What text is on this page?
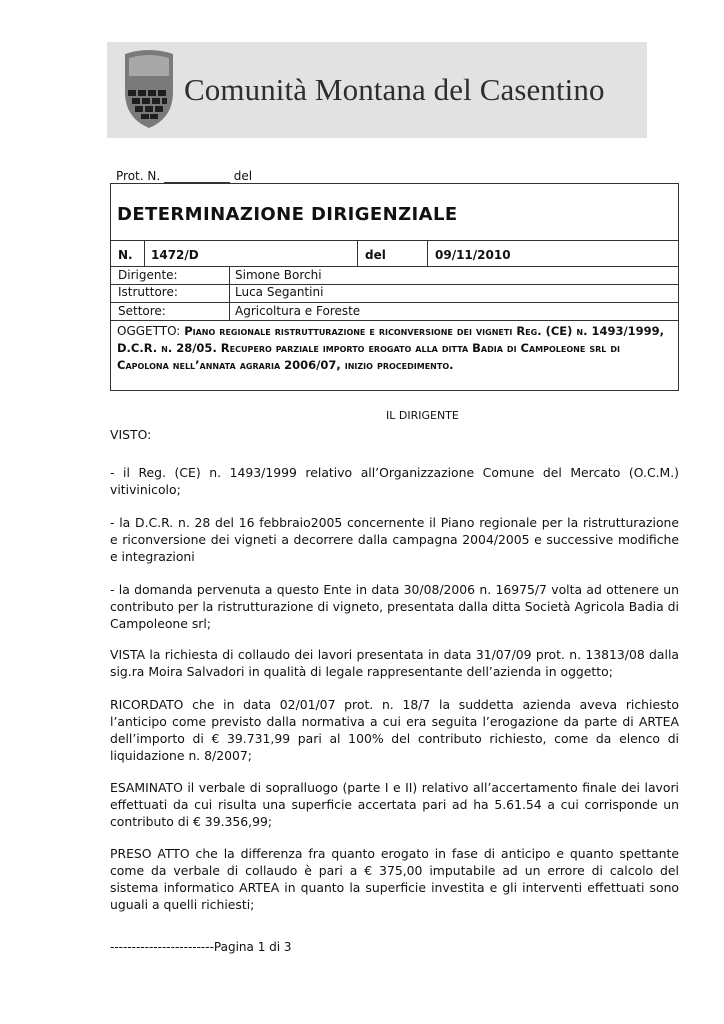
Comunità Montana del Casentino
Prot. N. ___________ del
DETERMINAZIONE DIRIGENZIALE
N. 1472/D	del	09/11/2010
Dirigente:	Simone Borchi
Istruttore:	Luca Segantini
Settore:	Agricoltura e Foreste
OGGETTO: Piano regionale ristrutturazione e riconversione dei vigneti Reg. (CE) n. 1493/1999, D.C.R. n. 28/05. Recupero parziale importo erogato alla ditta Badia di Campoleone srl di Capolona nell’annata agraria 2006/07, inizio procedimento.
IL DIRIGENTE
VISTO:
- il Reg. (CE) n. 1493/1999 relativo all’Organizzazione Comune del Mercato (O.C.M.) vitivinicolo;
- la D.C.R. n. 28 del 16 febbraio2005 concernente il Piano regionale per la ristrutturazione e riconversione dei vigneti a decorrere dalla campagna 2004/2005 e successive modifiche e integrazioni
- la domanda pervenuta a questo Ente in data 30/08/2006 n. 16975/7 volta ad ottenere un contributo per la ristrutturazione di vigneto, presentata dalla ditta Società Agricola Badia di Campoleone srl;
VISTA la richiesta di collaudo dei lavori presentata in data 31/07/09 prot. n. 13813/08 dalla sig.ra Moira Salvadori in qualità di legale rappresentante dell’azienda in oggetto;
RICORDATO che in data 02/01/07 prot. n. 18/7 la suddetta azienda aveva richiesto l’anticipo come previsto dalla normativa a cui era seguita l’erogazione da parte di ARTEA dell’importo di € 39.731,99 pari al 100% del contributo richiesto, come da elenco di liquidazione n. 8/2007;
ESAMINATO il verbale di sopralluogo (parte I e II) relativo all’accertamento finale dei lavori effettuati da cui risulta una superficie accertata pari ad ha 5.61.54 a cui corrisponde un contributo di € 39.356,99;
PRESO ATTO che la differenza fra quanto erogato in fase di anticipo e quanto spettante come da verbale di collaudo è pari a € 375,00 imputabile ad un errore di calcolo del sistema informatico ARTEA in quanto la superficie investita e gli interventi effettuati sono uguali a quelli richiesti;
------------------------Pagina 1 di 3
